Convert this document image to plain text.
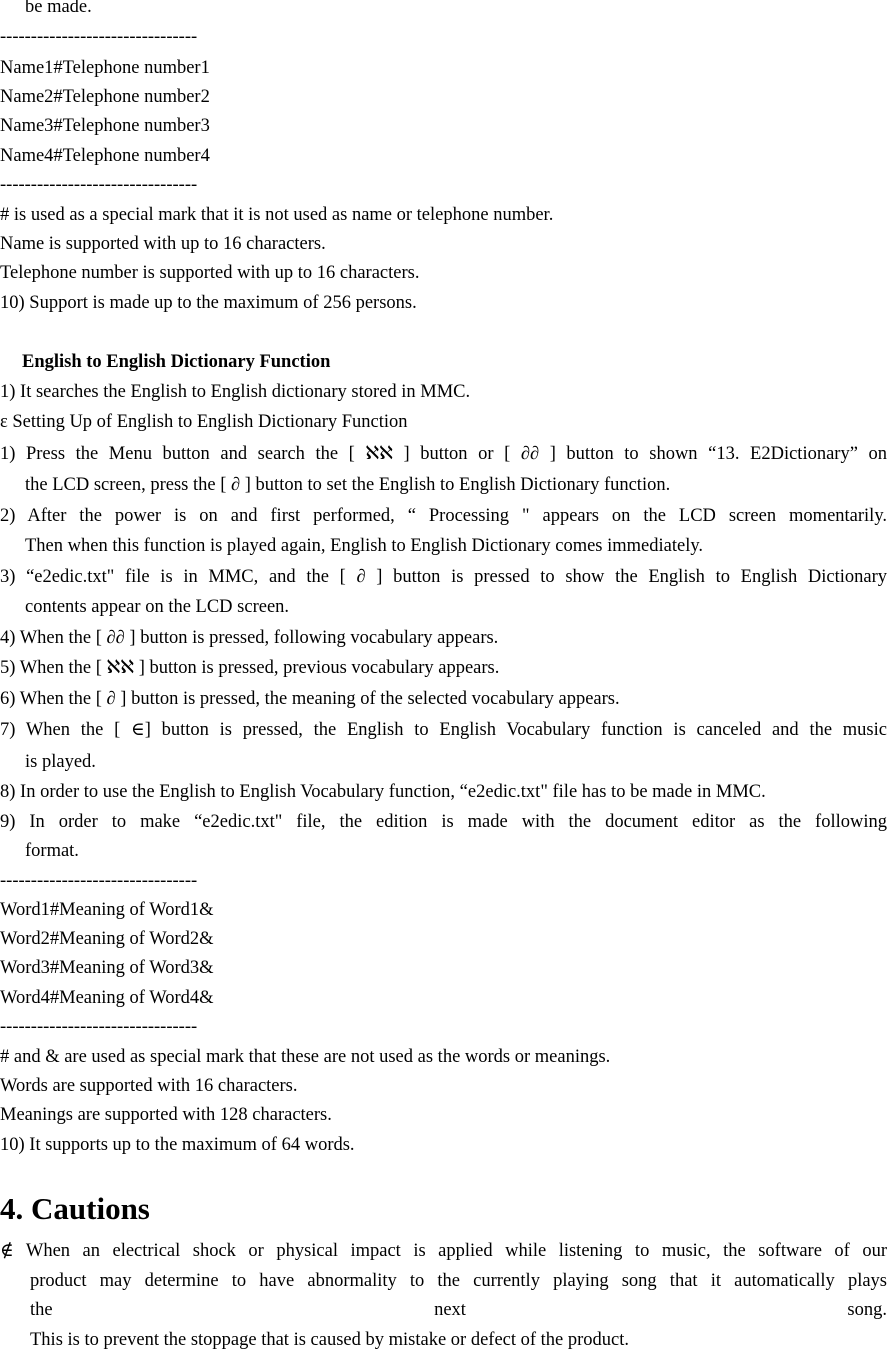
be made.
--------------------------------
Name1#Telephone number1
Name2#Telephone number2
Name3#Telephone number3
Name4#Telephone number4
--------------------------------
# is used as a special mark that it is not used as name or telephone number.
Name is supported with up to 16 characters.
Telephone number is supported with up to 16 characters.
10) Support is made up to the maximum of 256 persons.
English to English Dictionary Function
1) It searches the English to English dictionary stored in MMC.
ε Setting Up of English to English Dictionary Function
1) Press the Menu button and search the [ ℵℵ ] button or [ ∂∂ ] button to shown “13. E2Dictionary” on
the LCD screen, press the [ ∂ ] button to set the English to English Dictionary function.
2) After the power is on and first performed, “ Processing " appears on the LCD screen momentarily.
Then when this function is played again, English to English Dictionary comes immediately.
3) “e2edic.txt" file is in MMC, and the [ ∂ ] button is pressed to show the English to English Dictionary
contents appear on the LCD screen.
4) When the [ ∂∂ ] button is pressed, following vocabulary appears.
5) When the [ ℵℵ ] button is pressed, previous vocabulary appears.
6) When the [ ∂ ] button is pressed, the meaning of the selected vocabulary appears.
7) When the [ ∈] button is pressed, the English to English Vocabulary function is canceled and the music
is played.
8) In order to use the English to English Vocabulary function, “e2edic.txt" file has to be made in MMC.
9) In order to make “e2edic.txt" file, the edition is made with the document editor as the following
format.
--------------------------------
Word1#Meaning of Word1&
Word2#Meaning of Word2&
Word3#Meaning of Word3&
Word4#Meaning of Word4&
--------------------------------
# and & are used as special mark that these are not used as the words or meanings.
Words are supported with 16 characters.
Meanings are supported with 128 characters.
10) It supports up to the maximum of 64 words.
4. Cautions
∉ When an electrical shock or physical impact is applied while listening to music, the software of our
product may determine to have abnormality to the currently playing song that it automatically plays
the next song.
This is to prevent the stoppage that is caused by mistake or defect of the product.
